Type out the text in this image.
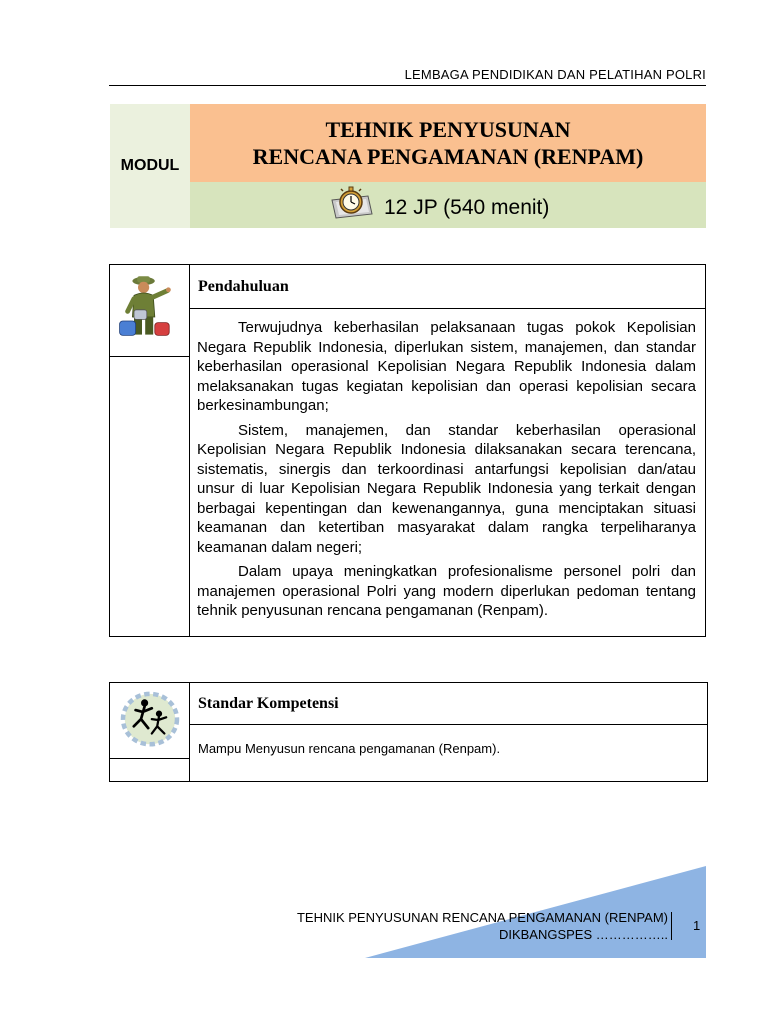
LEMBAGA PENDIDIKAN DAN PELATIHAN POLRI
MODUL
TEHNIK PENYUSUNAN
RENCANA PENGAMANAN (RENPAM)
12 JP (540 menit)
Pendahuluan

Terwujudnya keberhasilan pelaksanaan tugas pokok Kepolisian Negara Republik Indonesia, diperlukan sistem, manajemen, dan standar keberhasilan operasional Kepolisian Negara Republik Indonesia dalam melaksanakan tugas kegiatan kepolisian dan operasi kepolisian secara berkesinambungan;

Sistem, manajemen, dan standar keberhasilan operasional Kepolisian Negara Republik Indonesia dilaksanakan secara terencana, sistematis, sinergis dan terkoordinasi antarfungsi kepolisian dan/atau unsur di luar Kepolisian Negara Republik Indonesia yang terkait dengan berbagai kepentingan dan kewenangannya, guna menciptakan situasi keamanan dan ketertiban masyarakat dalam rangka terpeliharanya keamanan dalam negeri;

Dalam upaya meningkatkan profesionalisme personel polri dan manajemen operasional Polri yang modern diperlukan pedoman tentang tehnik penyusunan rencana pengamanan (Renpam).

Standar Kompetensi
Mampu Menyusun rencana pengamanan (Renpam).
TEHNIK PENYUSUNAN RENCANA PENGAMANAN (RENPAM)
DIKBANGSPES ……………..
1
